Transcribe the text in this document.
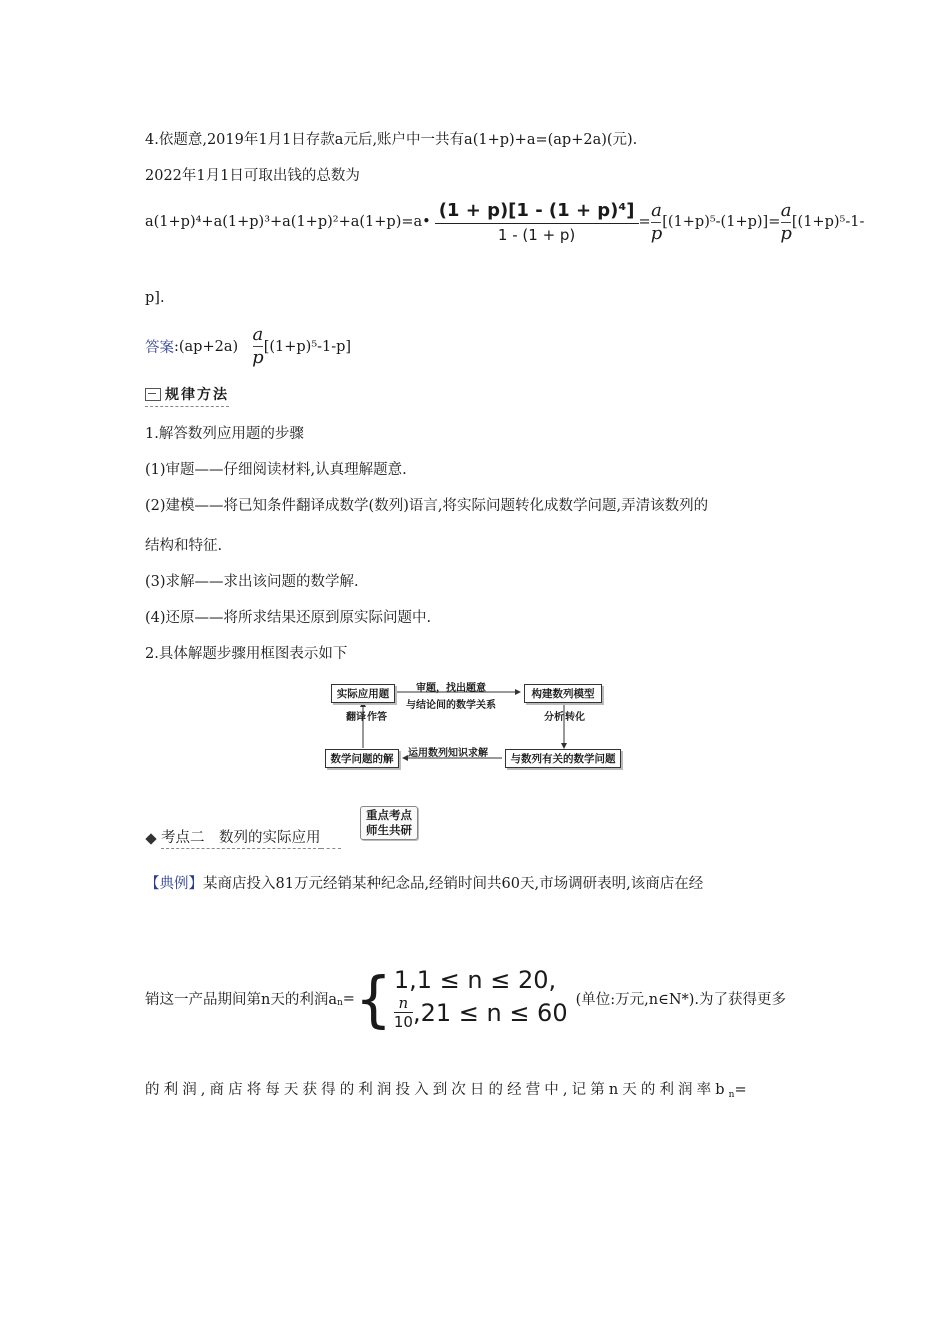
4.依题意,2019年1月1日存款a元后,账户中一共有a(1+p)+a=(ap+2a)(元).
2022年1月1日可取出钱的总数为
a(1+p)⁴+a(1+p)³+a(1+p)²+a(1+p)=a• $\frac{\text{(1 + p)[1 - (1 + p)⁴]}}{1 - (1 + p)} = \frac{a}{p} [(1+p)^5-(1+p)] = \frac{a}{p} [(1+p)^5-1-$
p].
答案 :(ap+2a) $\frac{a}{p} [(1+p)^5-1-p]$
规律方法
1.解答数列应用题的步骤
(1)审题——仔细阅读材料,认真理解题意.
(2)建模——将已知条件翻译成数学(数列)语言,将实际问题转化成数学问题,弄清该数列的
结构和特征.
(3)求解——求出该问题的数学解.
(4)还原——将所求结果还原到原实际问题中.
2.具体解题步骤用框图表示如下
实际应用题	构建数列模型
数学问题的解	与数列有关的数学问题
审题，找出题意
与结论间的数学关系
运用数列知识求解
翻译 作答	分析 转化
考点二　数列的实际应用
重点考点
师生共研
【典例】某商店投入81万元经销某种纪念品,经销时间共60天,市场调研表明,该商店在经
销这一产品期间第n天的利润a n = { 1,1 ≤ n ≤ 20,
$\frac{n}{10} ,21 \le n \le 60$ (单位:万元,n∈N*).为了获得更多
的利润,商店将每天获得的利润投入到次日的经营中,记第n天的利润率$b_n=$
